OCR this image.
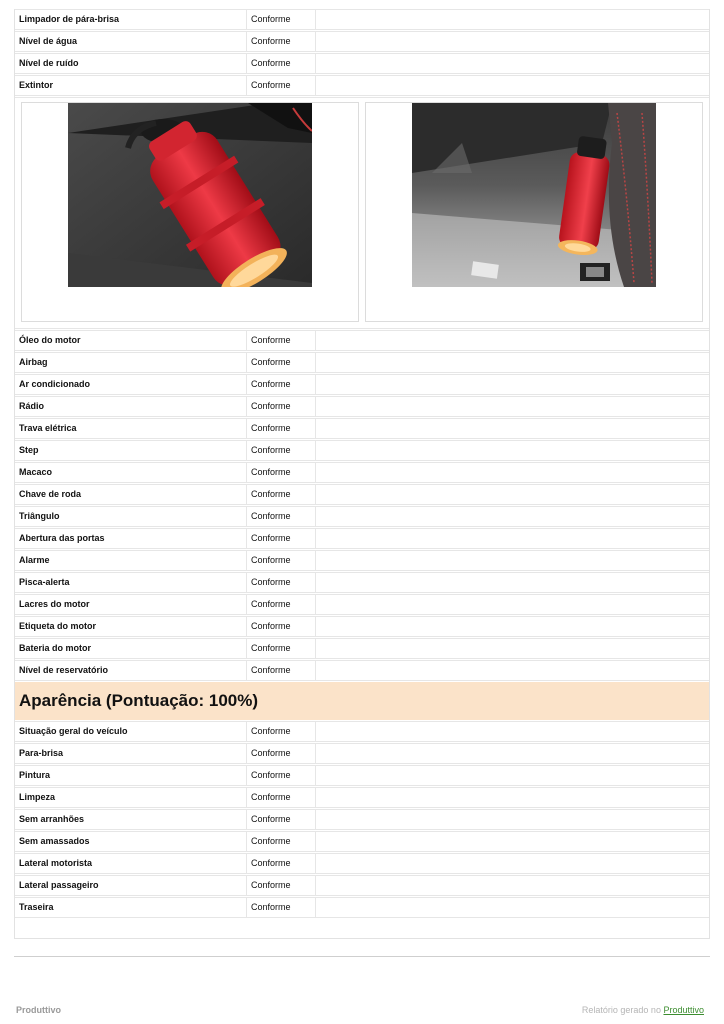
Limpador de pára-brisa	Conforme
Nível de água	Conforme
Nível de ruído	Conforme
Extintor	Conforme
Óleo do motor	Conforme
Airbag	Conforme
Ar condicionado	Conforme
Rádio	Conforme
Trava elétrica	Conforme
Step	Conforme
Macaco	Conforme
Chave de roda	Conforme
Triângulo	Conforme
Abertura das portas	Conforme
Alarme	Conforme
Pisca-alerta	Conforme
Lacres do motor	Conforme
Etiqueta do motor	Conforme
Bateria do motor	Conforme
Nível de reservatório	Conforme
Aparência (Pontuação: 100%)
Situação geral do veículo	Conforme
Para-brisa	Conforme
Pintura	Conforme
Limpeza	Conforme
Sem arranhões	Conforme
Sem amassados	Conforme
Lateral motorista	Conforme
Lateral passageiro	Conforme
Traseira	Conforme
Produttivo	Relatório gerado no Produttivo
